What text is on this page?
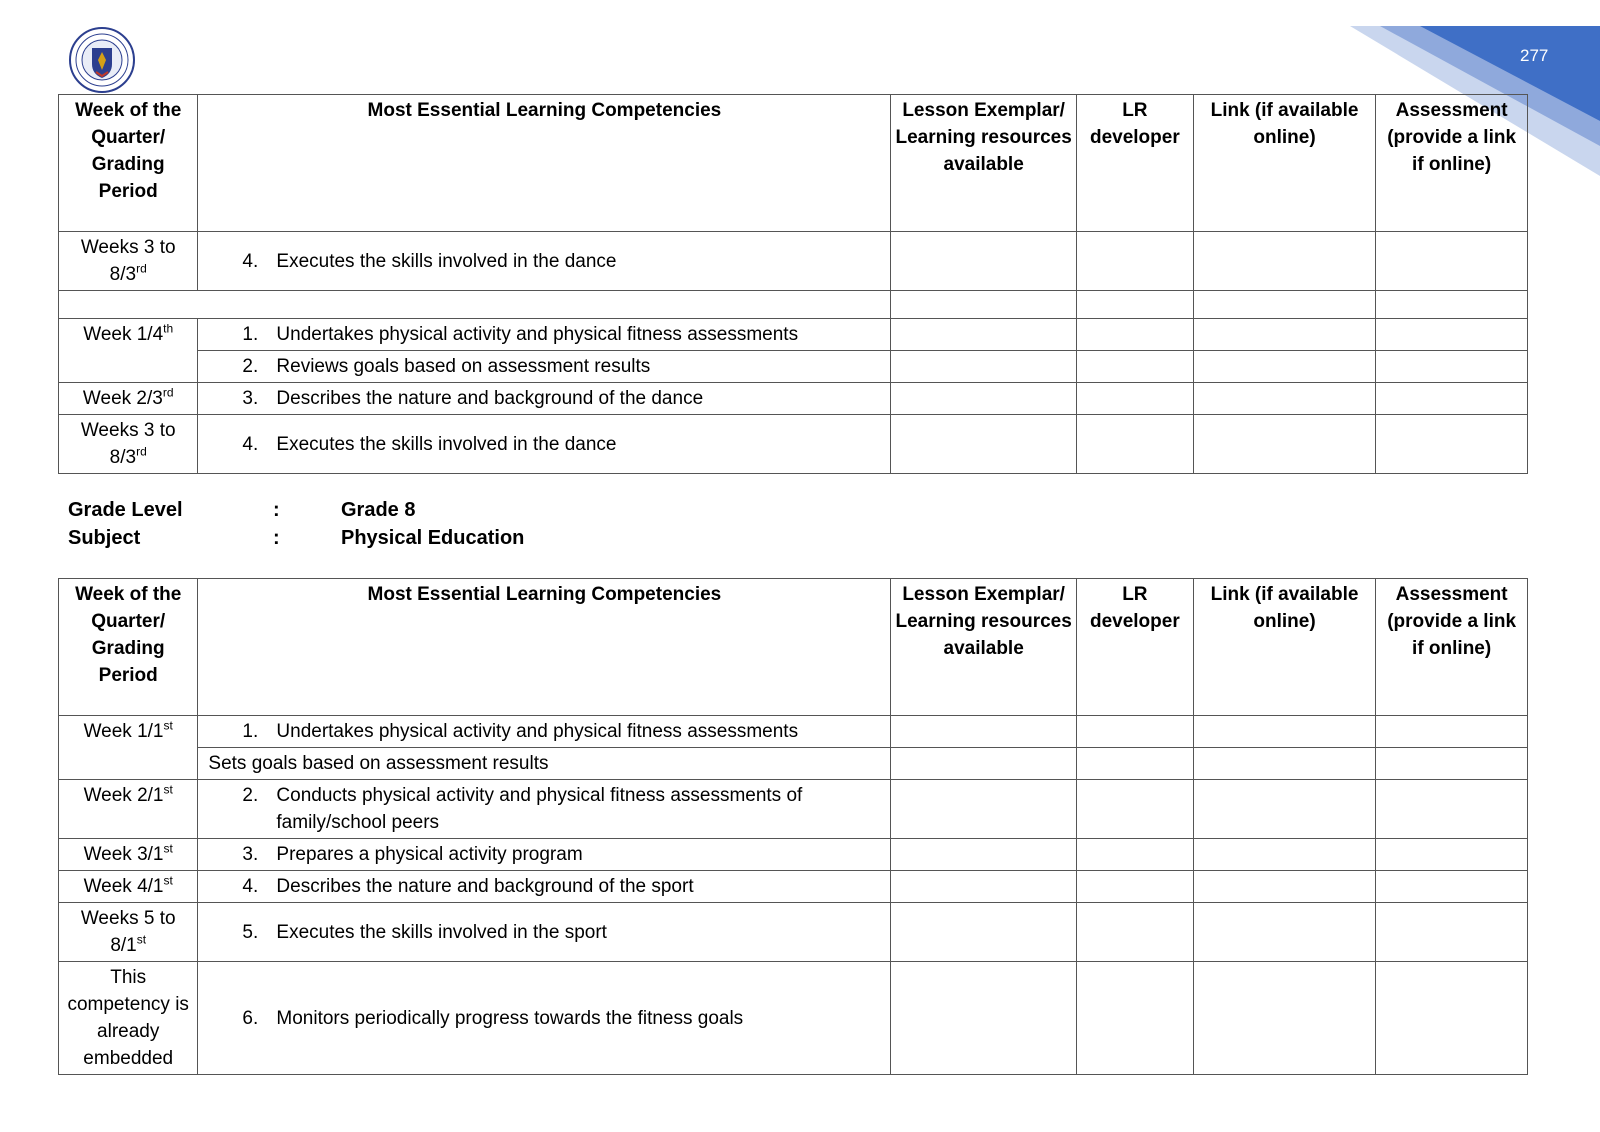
277
Week of the Quarter/ Grading Period	Most Essential Learning Competencies	Lesson Exemplar/ Learning resources available	LR developer	Link (if available online)	Assessment (provide a link if online)
Weeks 3 to 8/3rd	4. Executes the skills involved in the dance				

Week 1/4th	1. Undertakes physical activity and physical fitness assessments				
	2. Reviews goals based on assessment results				
Week 2/3rd	3. Describes the nature and background of the dance				
Weeks 3 to 8/3rd	4. Executes the skills involved in the dance				
Grade Level	:	Grade 8
Subject	:	Physical Education
Week of the Quarter/ Grading Period	Most Essential Learning Competencies	Lesson Exemplar/ Learning resources available	LR developer	Link (if available online)	Assessment (provide a link if online)
Week 1/1st	1. Undertakes physical activity and physical fitness assessments				
	Sets goals based on assessment results				
Week 2/1st	2. Conducts physical activity and physical fitness assessments of family/school peers				
Week 3/1st	3. Prepares a physical activity program				
Week 4/1st	4. Describes the nature and background of the sport				
Weeks 5 to 8/1st	5. Executes the skills involved in the sport				
This competency is already embedded	6. Monitors periodically progress towards the fitness goals				
